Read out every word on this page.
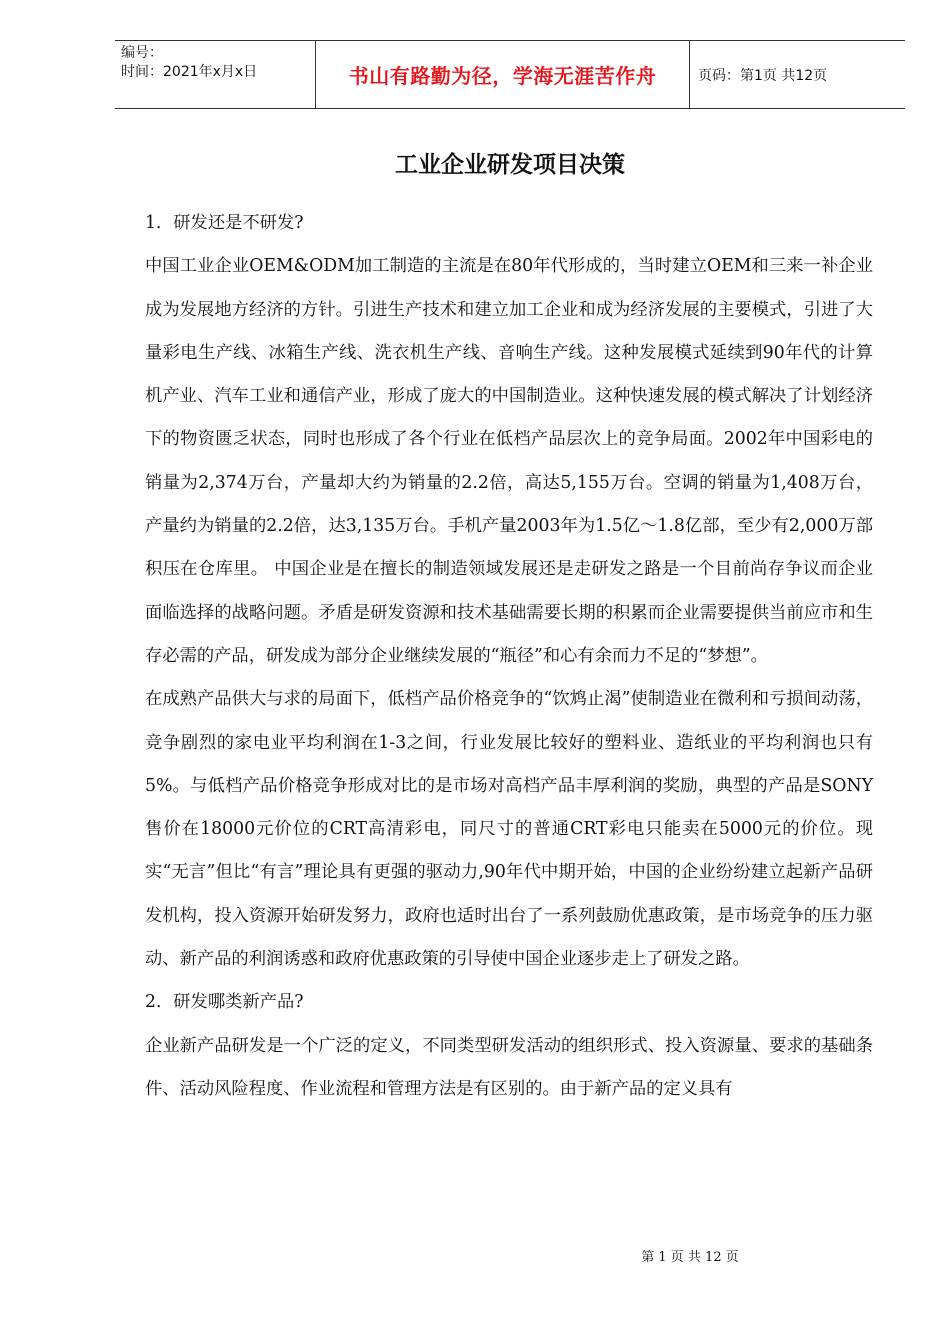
编号：
时间：2021年x月x日	书山有路勤为径，学海无涯苦作舟	页码：第1页 共12页
工业企业研发项目决策

1．研发还是不研发?

中国工业企业OEM&ODM加工制造的主流是在80年代形成的，当时建立OEM和三来一补企业成为发展地方经济的方针。引进生产技术和建立加工企业和成为经济发展的主要模式，引进了大量彩电生产线、冰箱生产线、洗衣机生产线、音响生产线。这种发展模式延续到90年代的计算机产业、汽车工业和通信产业，形成了庞大的中国制造业。这种快速发展的模式解决了计划经济下的物资匮乏状态，同时也形成了各个行业在低档产品层次上的竞争局面。2002年中国彩电的销量为2,374万台，产量却大约为销量的2.2倍，高达5,155万台。空调的销量为1,408万台，产量约为销量的2.2倍，达3,135万台。手机产量2003年为1.5亿～1.8亿部，至少有2,000万部积压在仓库里。 中国企业是在擅长的制造领域发展还是走研发之路是一个目前尚存争议而企业面临选择的战略问题。矛盾是研发资源和技术基础需要长期的积累而企业需要提供当前应市和生存必需的产品，研发成为部分企业继续发展的“瓶径”和心有余而力不足的“梦想”。

在成熟产品供大与求的局面下，低档产品价格竞争的“饮鸩止渴”使制造业在微利和亏损间动荡，竞争剧烈的家电业平均利润在1-3之间，行业发展比较好的塑料业、造纸业的平均利润也只有5%。与低档产品价格竞争形成对比的是市场对高档产品丰厚利润的奖励，典型的产品是SONY售价在18000元价位的CRT高清彩电，同尺寸的普通CRT彩电只能卖在5000元的价位。现实“无言”但比“有言”理论具有更强的驱动力,90年代中期开始，中国的企业纷纷建立起新产品研发机构，投入资源开始研发努力，政府也适时出台了一系列鼓励优惠政策，是市场竞争的压力驱动、新产品的利润诱惑和政府优惠政策的引导使中国企业逐步走上了研发之路。

2．研发哪类新产品?

企业新产品研发是一个广泛的定义，不同类型研发活动的组织形式、投入资源量、要求的基础条件、活动风险程度、作业流程和管理方法是有区别的。由于新产品的定义具有

第 1 页 共 12 页
